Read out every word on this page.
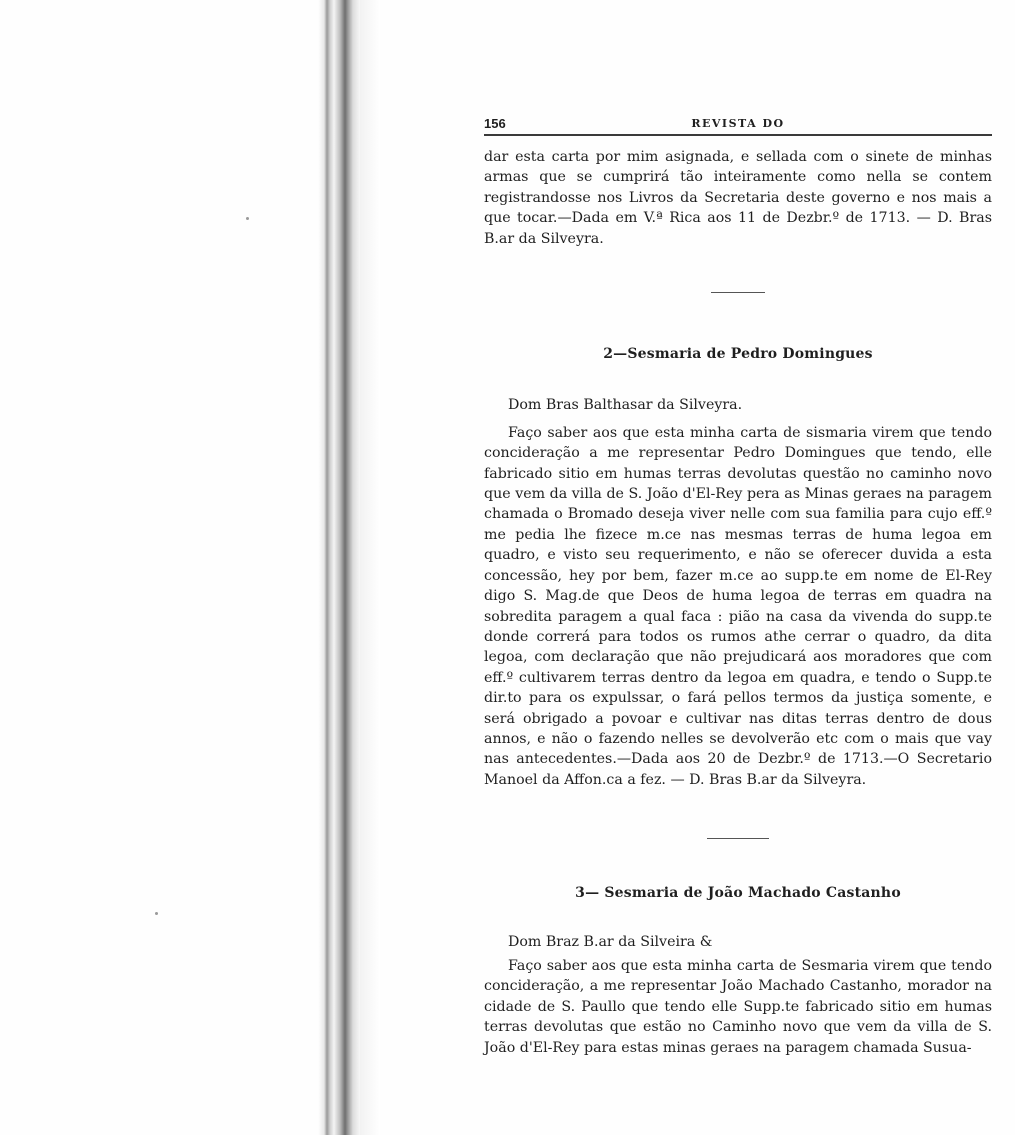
156	REVISTA DO

dar esta carta por mim asignada, e sellada com o sinete de minhas armas que se cumprirá tão inteiramente como nella se contem registrandosse nos Livros da Secretaria deste governo e nos mais a que tocar.—Dada em V.ª Rica aos 11 de Dezbr.º de 1713. — D. Bras B.ar da Silveyra.

2—Sesmaria de Pedro Domingues

Dom Bras Balthasar da Silveyra.

Faço saber aos que esta minha carta de sismaria virem que tendo concideração a me representar Pedro Domingues que tendo, elle fabricado sitio em humas terras devolutas questão no caminho novo que vem da villa de S. João d'El-Rey pera as Minas geraes na paragem chamada o Bromado deseja viver nelle com sua familia para cujo eff.º me pedia lhe fizece m.ce nas mesmas terras de huma legoa em quadro, e visto seu requerimento, e não se oferecer duvida a esta concessão, hey por bem, fazer m.ce ao supp.te em nome de El-Rey digo S. Mag.de que Deos de huma legoa de terras em quadra na sobredita paragem a qual faca : pião na casa da vivenda do supp.te donde correrá para todos os rumos athe cerrar o quadro, da dita legoa, com declaração que não prejudicará aos moradores que com eff.º cultivarem terras dentro da legoa em quadra, e tendo o Supp.te dir.to para os expulssar, o fará pellos termos da justiça somente, e será obrigado a povoar e cultivar nas ditas terras dentro de dous annos, e não o fazendo nelles se devolverão etc com o mais que vay nas antecedentes.—Dada aos 20 de Dezbr.º de 1713.—O Secretario Manoel da Affon.ca a fez. — D. Bras B.ar da Silveyra.

3— Sesmaria de João Machado Castanho

Dom Braz B.ar da Silveira &

Faço saber aos que esta minha carta de Sesmaria virem que tendo concideração, a me representar João Machado Castanho, morador na cidade de S. Paullo que tendo elle Supp.te fabricado sitio em humas terras devolutas que estão no Caminho novo que vem da villa de S. João d'El-Rey para estas minas geraes na paragem chamada Susua-
